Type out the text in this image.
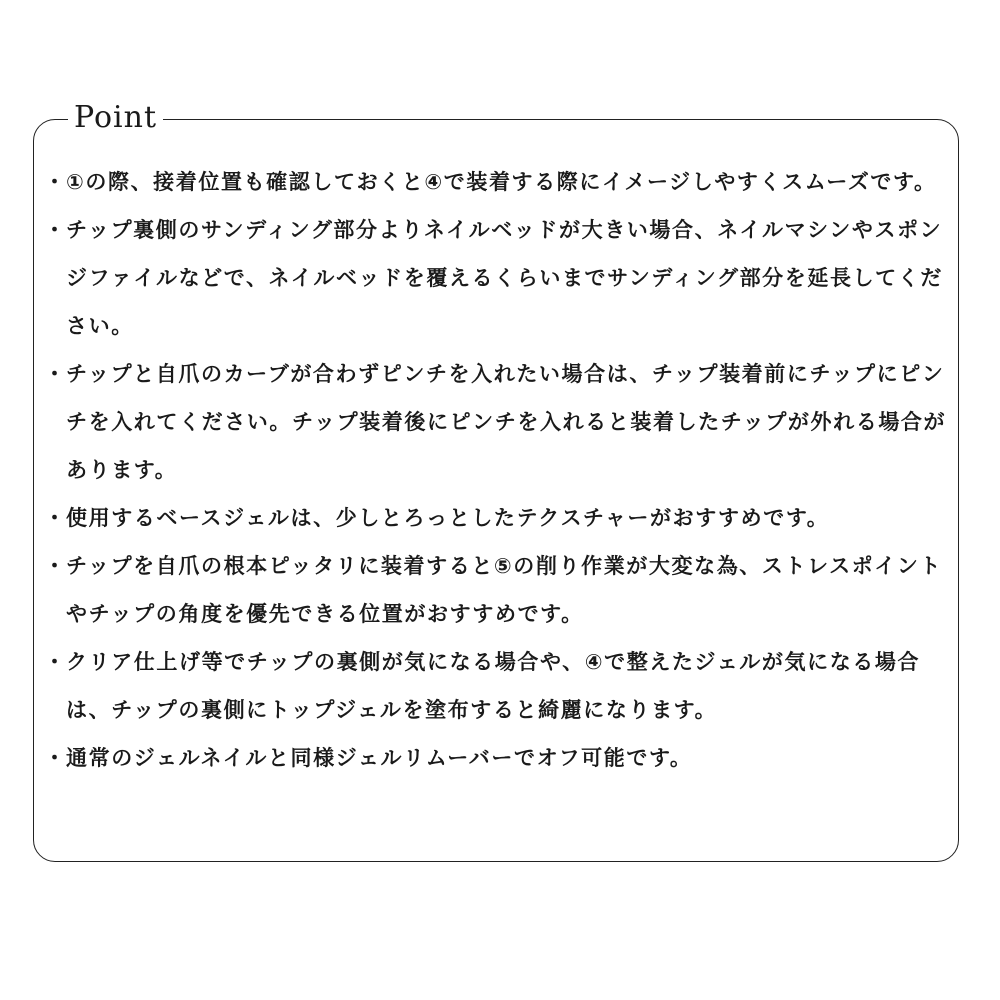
Point
・ ①の際、接着位置も確認しておくと④で装着する際にイメージしやすくスムーズです。
・ チップ裏側のサンディング部分よりネイルベッドが大きい場合、ネイルマシンやスポンジファイルなどで、ネイルベッドを覆えるくらいまでサンディング部分を延長してください。
・ チップと自爪のカーブが合わずピンチを入れたい場合は、チップ装着前にチップにピンチを入れてください。チップ装着後にピンチを入れると装着したチップが外れる場合があります。
・ 使用するベースジェルは、少しとろっとしたテクスチャーがおすすめです。
・ チップを自爪の根本ピッタリに装着すると⑤の削り作業が大変な為、ストレスポイントやチップの角度を優先できる位置がおすすめです。
・ クリア仕上げ等でチップの裏側が気になる場合や、④で整えたジェルが気になる場合は、チップの裏側にトップジェルを塗布すると綺麗になります。
・ 通常のジェルネイルと同様ジェルリムーバーでオフ可能です。
